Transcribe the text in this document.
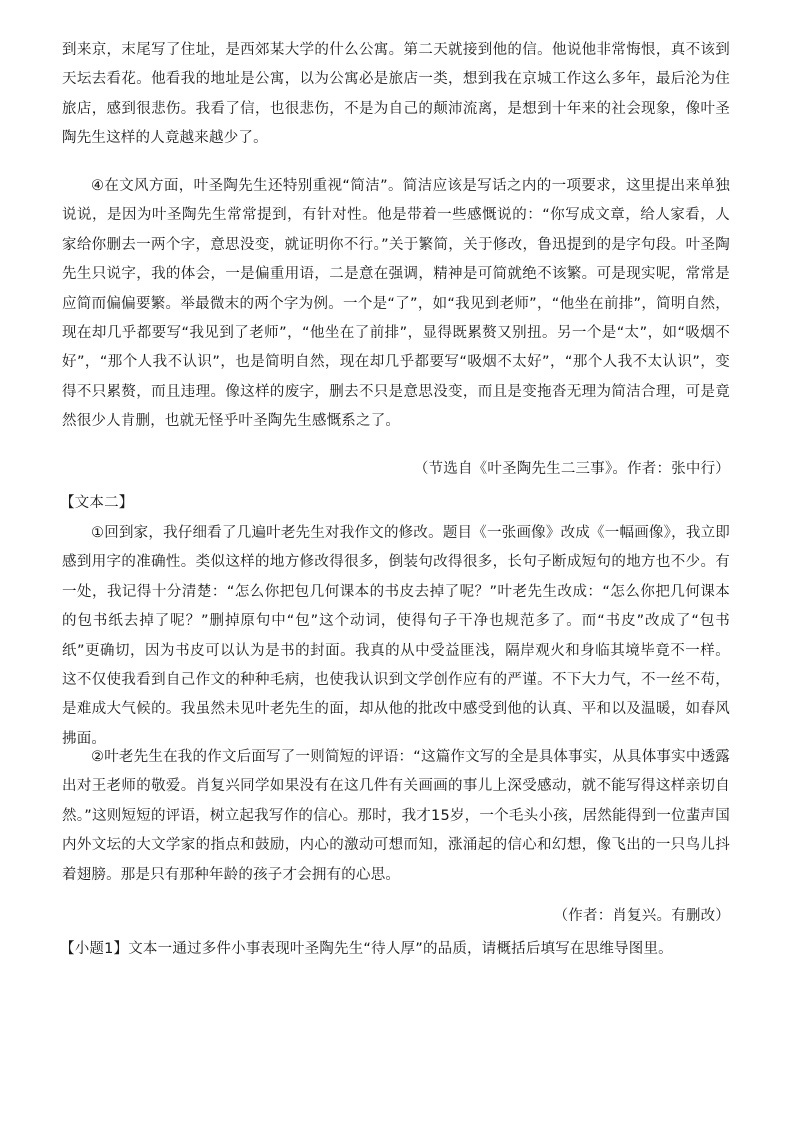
到来京，末尾写了住址，是西郊某大学的什么公寓。第二天就接到他的信。他说他非常悔恨，真不该到天坛去看花。他看我的地址是公寓，以为公寓必是旅店一类，想到我在京城工作这么多年，最后沦为住旅店，感到很悲伤。我看了信，也很悲伤，不是为自己的颠沛流离，是想到十年来的社会现象，像叶圣陶先生这样的人竟越来越少了。

④在文风方面，叶圣陶先生还特别重视“简洁”。简洁应该是写话之内的一项要求，这里提出来单独说说，是因为叶圣陶先生常常提到，有针对性。他是带着一些感慨说的：“你写成文章，给人家看，人家给你删去一两个字，意思没变，就证明你不行。”关于繁简，关于修改，鲁迅提到的是字句段。叶圣陶先生只说字，我的体会，一是偏重用语，二是意在强调，精神是可简就绝不该繁。可是现实呢，常常是应简而偏偏要繁。举最微末的两个字为例。一个是“了”，如“我见到老师”，“他坐在前排”，简明自然，现在却几乎都要写“我见到了老师”，“他坐在了前排”，显得既累赘又别扭。另一个是“太”，如“吸烟不好”，“那个人我不认识”，也是简明自然，现在却几乎都要写“吸烟不太好”，“那个人我不太认识”，变得不只累赘，而且违理。像这样的废字，删去不只是意思没变，而且是变拖沓无理为简洁合理，可是竟然很少人肯删，也就无怪乎叶圣陶先生感慨系之了。

（节选自《叶圣陶先生二三事》。作者：张中行）

【文本二】

①回到家，我仔细看了几遍叶老先生对我作文的修改。题目《一张画像》改成《一幅画像》，我立即感到用字的准确性。类似这样的地方修改得很多，倒装句改得很多，长句子断成短句的地方也不少。有一处，我记得十分清楚：“怎么你把包几何课本的书皮去掉了呢？”叶老先生改成：“怎么你把几何课本的包书纸去掉了呢？”删掉原句中“包”这个动词，使得句子干净也规范多了。而“书皮”改成了“包书纸”更确切，因为书皮可以认为是书的封面。我真的从中受益匪浅，隔岸观火和身临其境毕竟不一样。这不仅使我看到自己作文的种种毛病，也使我认识到文学创作应有的严谨。不下大力气，不一丝不苟，是难成大气候的。我虽然未见叶老先生的面，却从他的批改中感受到他的认真、平和以及温暖，如春风拂面。

②叶老先生在我的作文后面写了一则简短的评语：“这篇作文写的全是具体事实，从具体事实中透露出对王老师的敬爱。肖复兴同学如果没有在这几件有关画画的事儿上深受感动，就不能写得这样亲切自然。”这则短短的评语，树立起我写作的信心。那时，我才15岁，一个毛头小孩，居然能得到一位蜚声国内外文坛的大文学家的指点和鼓励，内心的激动可想而知，涨涌起的信心和幻想，像飞出的一只鸟儿抖着翅膀。那是只有那种年龄的孩子才会拥有的心思。

（作者：肖复兴。有删改）

【小题1】文本一通过多件小事表现叶圣陶先生“待人厚”的品质，请概括后填写在思维导图里。
